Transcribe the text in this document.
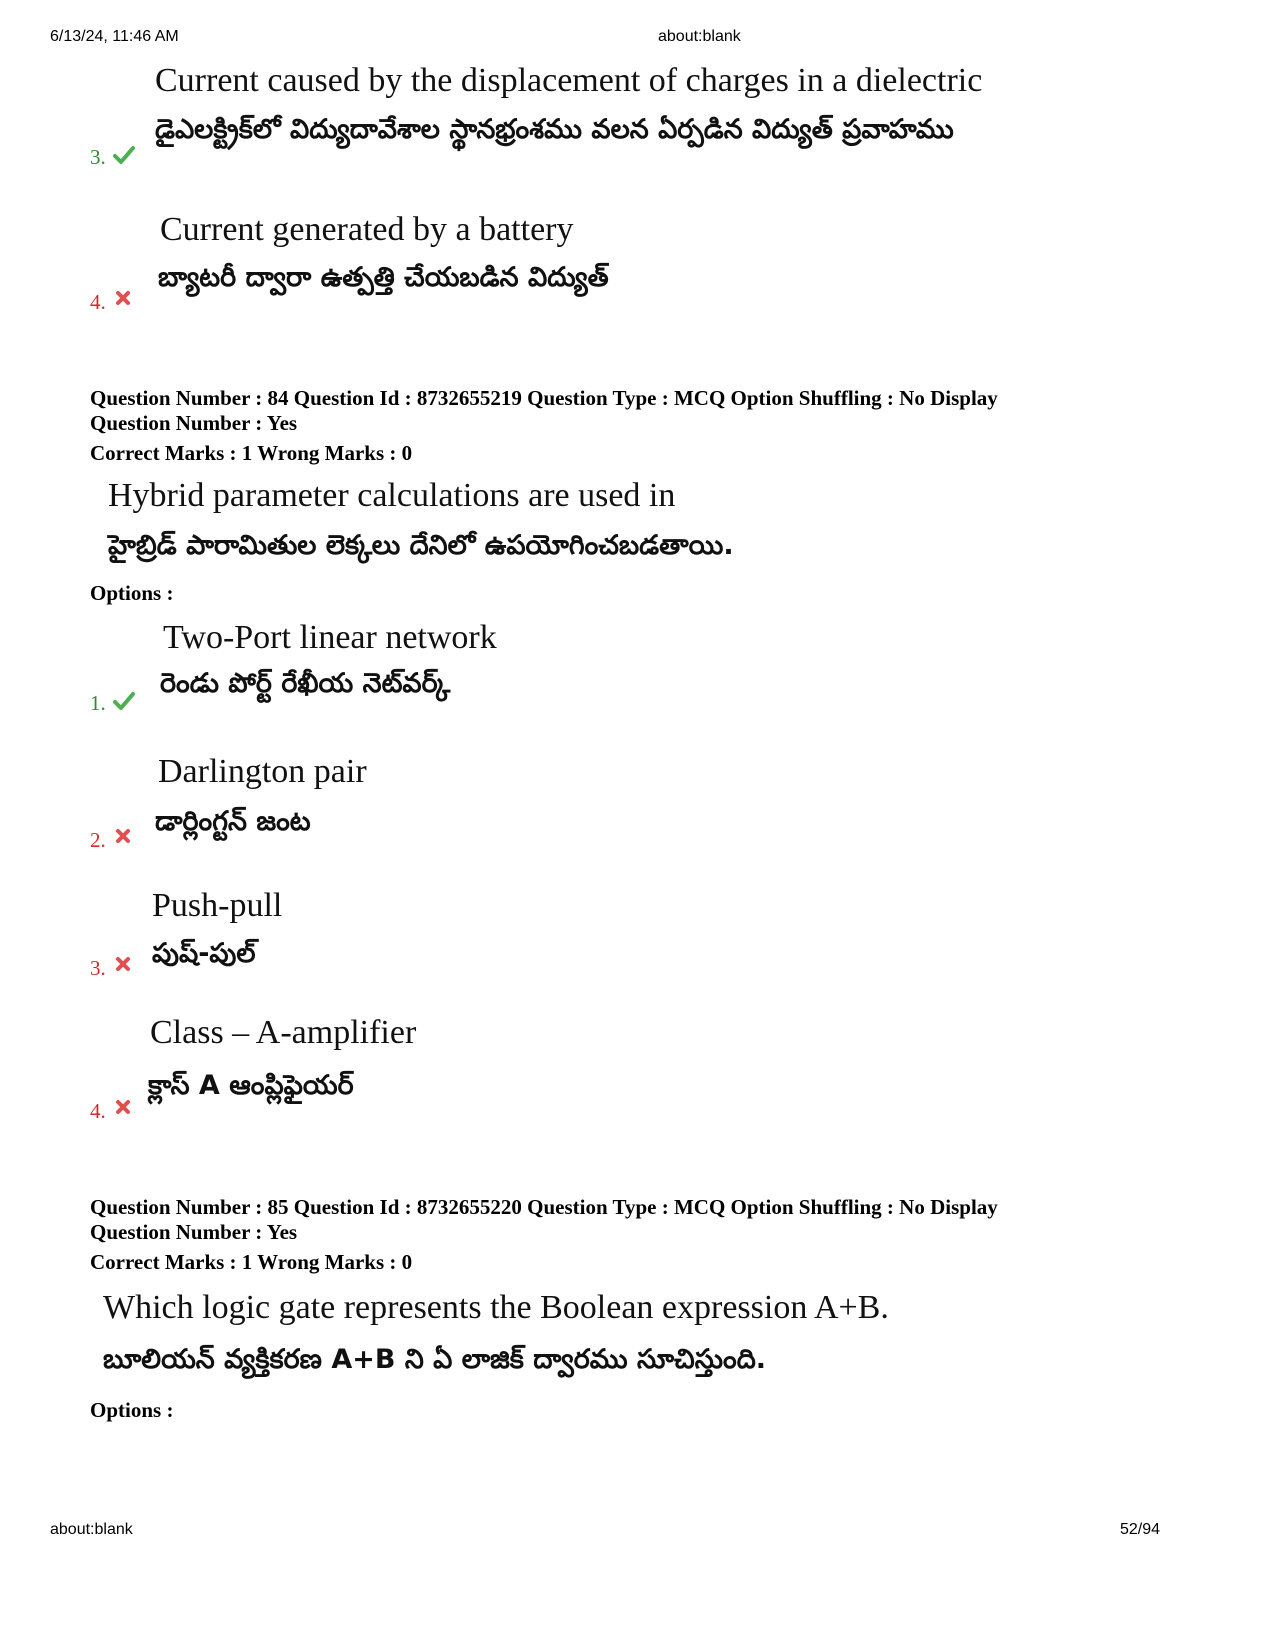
6/13/24, 11:46 AM	about:blank
Current caused by the displacement of charges in a dielectric
డైఎలక్ట్రిక్‌లో విద్యుదావేశాల స్థానభ్రంశము వలన ఏర్పడిన విద్యుత్ ప్రవాహము
3.
Current generated by a battery
బ్యాటరీ ద్వారా ఉత్పత్తి చేయబడిన విద్యుత్
4.
Question Number : 84 Question Id : 8732655219 Question Type : MCQ Option Shuffling : No Display
Question Number : Yes
Correct Marks : 1 Wrong Marks : 0
Hybrid parameter calculations are used in
హైబ్రిడ్ పారామితుల లెక్కలు దేనిలో ఉపయోగించబడతాయి.
Options :
Two-Port linear network
రెండు పోర్ట్ రేఖీయ నెట్‌వర్క్
1.
Darlington pair
డార్లింగ్టన్ జంట
2.
Push-pull
పుష్-పుల్
3.
Class – A-amplifier
క్లాస్ A ఆంప్లిఫైయర్
4.
Question Number : 85 Question Id : 8732655220 Question Type : MCQ Option Shuffling : No Display
Question Number : Yes
Correct Marks : 1 Wrong Marks : 0
Which logic gate represents the Boolean expression A+B.
బూలియన్ వ్యక్తికరణ A+B ని ఏ లాజిక్ ద్వారము సూచిస్తుంది.
Options :
about:blank	52/94
